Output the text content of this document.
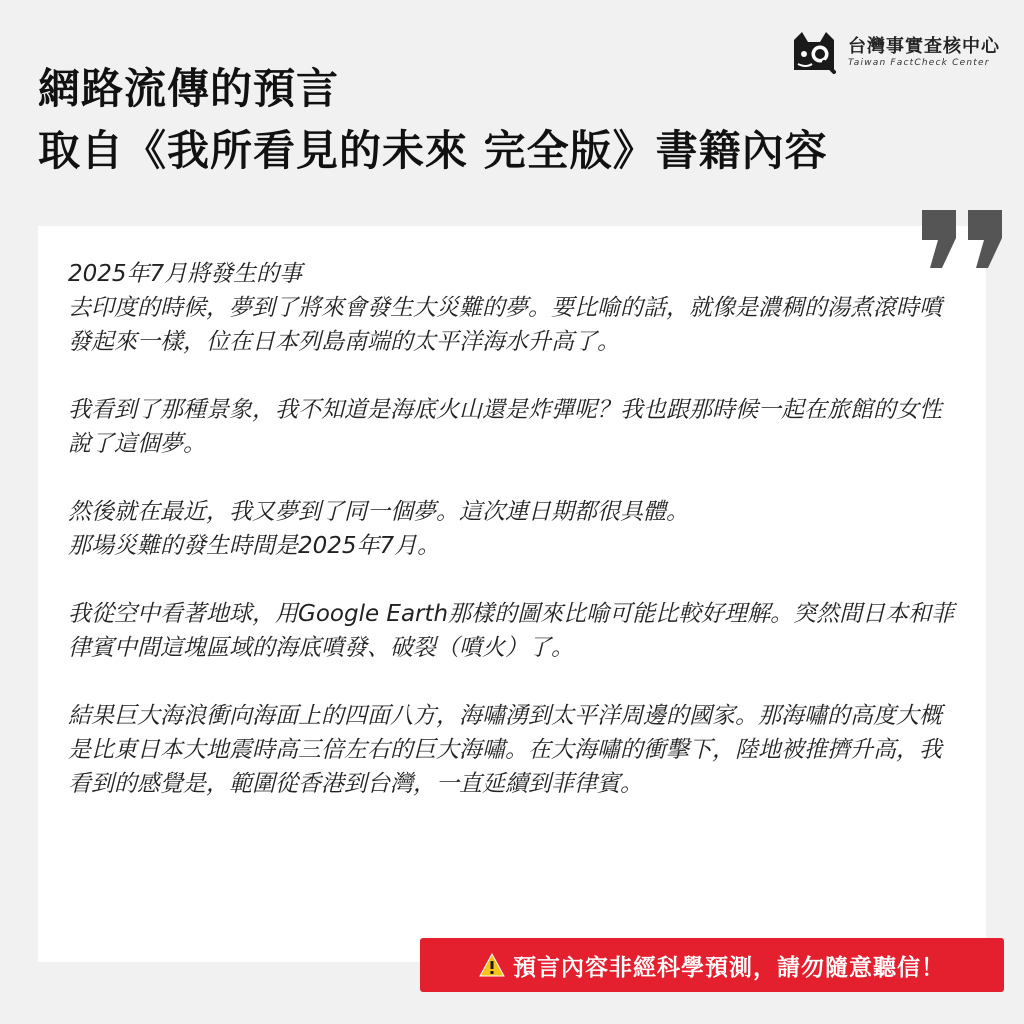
台灣事實查核中心
Taiwan FactCheck Center
網路流傳的預言
取自《我所看見的未來 完全版》書籍內容
2025年7月將發生的事

去印度的時候，夢到了將來會發生大災難的夢。要比喻的話，就像是濃稠的湯煮滾時噴發起來一樣，位在日本列島南端的太平洋海水升高了。

我看到了那種景象，我不知道是海底火山還是炸彈呢？我也跟那時候一起在旅館的女性說了這個夢。

然後就在最近，我又夢到了同一個夢。這次連日期都很具體。

那場災難的發生時間是2025年7月。

我從空中看著地球，用Google Earth那樣的圖來比喻可能比較好理解。突然間日本和菲律賓中間這塊區域的海底噴發、破裂（噴火）了。

結果巨大海浪衝向海面上的四面八方，海嘯湧到太平洋周邊的國家。那海嘯的高度大概是比東日本大地震時高三倍左右的巨大海嘯。在大海嘯的衝擊下，陸地被推擠升高，我看到的感覺是，範圍從香港到台灣，一直延續到菲律賓。

預言內容非經科學預測，請勿隨意聽信！
